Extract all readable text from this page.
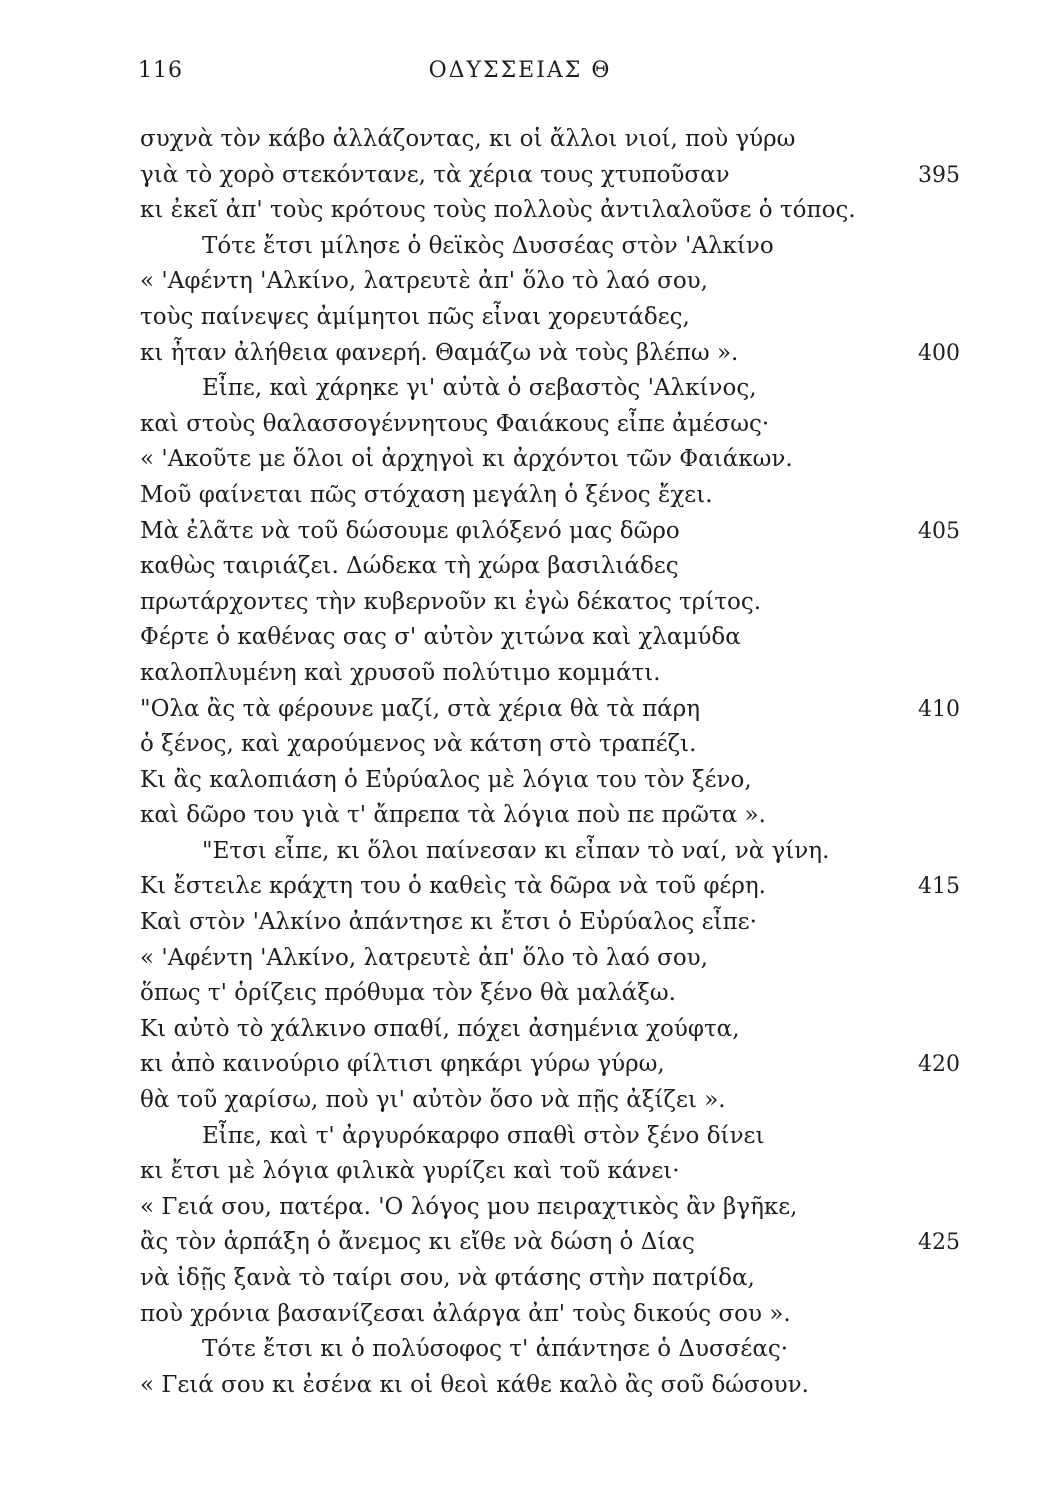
116	ΟΔΥΣΣΕΙΑΣ Θ
συχνὰ τὸν κάβο ἀλλάζοντας, κι οἱ ἄλλοι νιοί, ποὺ γύρω
γιὰ τὸ χορὸ στεκόντανε, τὰ χέρια τους χτυποῦσαν	395
κι ἐκεῖ ἀπ' τοὺς κρότους τοὺς πολλοὺς ἀντιλαλοῦσε ὁ τόπος.
Τότε ἔτσι μίλησε ὁ θεϊκὸς Δυσσέας στὸν 'Αλκίνο
« 'Αφέντη 'Αλκίνο, λατρευτὲ ἀπ' ὅλο τὸ λαό σου,
τοὺς παίνεψες ἀμίμητοι πῶς εἶναι χορευτάδες,
κι ἦταν ἀλήθεια φανερή. Θαμάζω νὰ τοὺς βλέπω ».	400
Εἶπε, καὶ χάρηκε γι' αὐτὰ ὁ σεβαστὸς 'Αλκίνος,
καὶ στοὺς θαλασσογέννητους Φαιάκους εἶπε ἀμέσως·
« 'Ακοῦτε με ὅλοι οἱ ἀρχηγοὶ κι ἀρχόντοι τῶν Φαιάκων.
Μοῦ φαίνεται πῶς στόχαση μεγάλη ὁ ξένος ἔχει.
Μὰ ἐλᾶτε νὰ τοῦ δώσουμε φιλόξενό μας δῶρο	405
καθὼς ταιριάζει. Δώδεκα τὴ χώρα βασιλιάδες
πρωτάρχοντες τὴν κυβερνοῦν κι ἐγὼ δέκατος τρίτος.
Φέρτε ὁ καθένας σας σ' αὐτὸν χιτώνα καὶ χλαμύδα
καλοπλυμένη καὶ χρυσοῦ πολύτιμο κομμάτι.
"Ολα ἂς τὰ φέρουνε μαζί, στὰ χέρια θὰ τὰ πάρη	410
ὁ ξένος, καὶ χαρούμενος νὰ κάτση στὸ τραπέζι.
Κι ἂς καλοπιάση ὁ Εὐρύαλος μὲ λόγια του τὸν ξένο,
καὶ δῶρο του γιὰ τ' ἄπρεπα τὰ λόγια ποὺ πε πρῶτα ».
"Ετσι εἶπε, κι ὅλοι παίνεσαν κι εἶπαν τὸ ναί, νὰ γίνη.
Κι ἔστειλε κράχτη του ὁ καθεὶς τὰ δῶρα νὰ τοῦ φέρη.	415
Καὶ στὸν 'Αλκίνο ἀπάντησε κι ἔτσι ὁ Εὐρύαλος εἶπε·
« 'Αφέντη 'Αλκίνο, λατρευτὲ ἀπ' ὅλο τὸ λαό σου,
ὅπως τ' ὁρίζεις πρόθυμα τὸν ξένο θὰ μαλάξω.
Κι αὐτὸ τὸ χάλκινο σπαθί, πόχει ἀσημένια χούφτα,
κι ἀπὸ καινούριο φίλτισι φηκάρι γύρω γύρω,	420
θὰ τοῦ χαρίσω, ποὺ γι' αὐτὸν ὅσο νὰ πῇς ἀξίζει ».
Εἶπε, καὶ τ' ἀργυρόκαρφο σπαθὶ στὸν ξένο δίνει
κι ἔτσι μὲ λόγια φιλικὰ γυρίζει καὶ τοῦ κάνει·
« Γειά σου, πατέρα. 'Ο λόγος μου πειραχτικὸς ἂν βγῆκε,
ἂς τὸν ἁρπάξη ὁ ἄνεμος κι εἴθε νὰ δώση ὁ Δίας	425
νὰ ἰδῇς ξανὰ τὸ ταίρι σου, νὰ φτάσης στὴν πατρίδα,
ποὺ χρόνια βασανίζεσαι ἀλάργα ἀπ' τοὺς δικούς σου ».
Τότε ἔτσι κι ὁ πολύσοφος τ' ἀπάντησε ὁ Δυσσέας·
« Γειά σου κι ἐσένα κι οἱ θεοὶ κάθε καλὸ ἂς σοῦ δώσουν.
